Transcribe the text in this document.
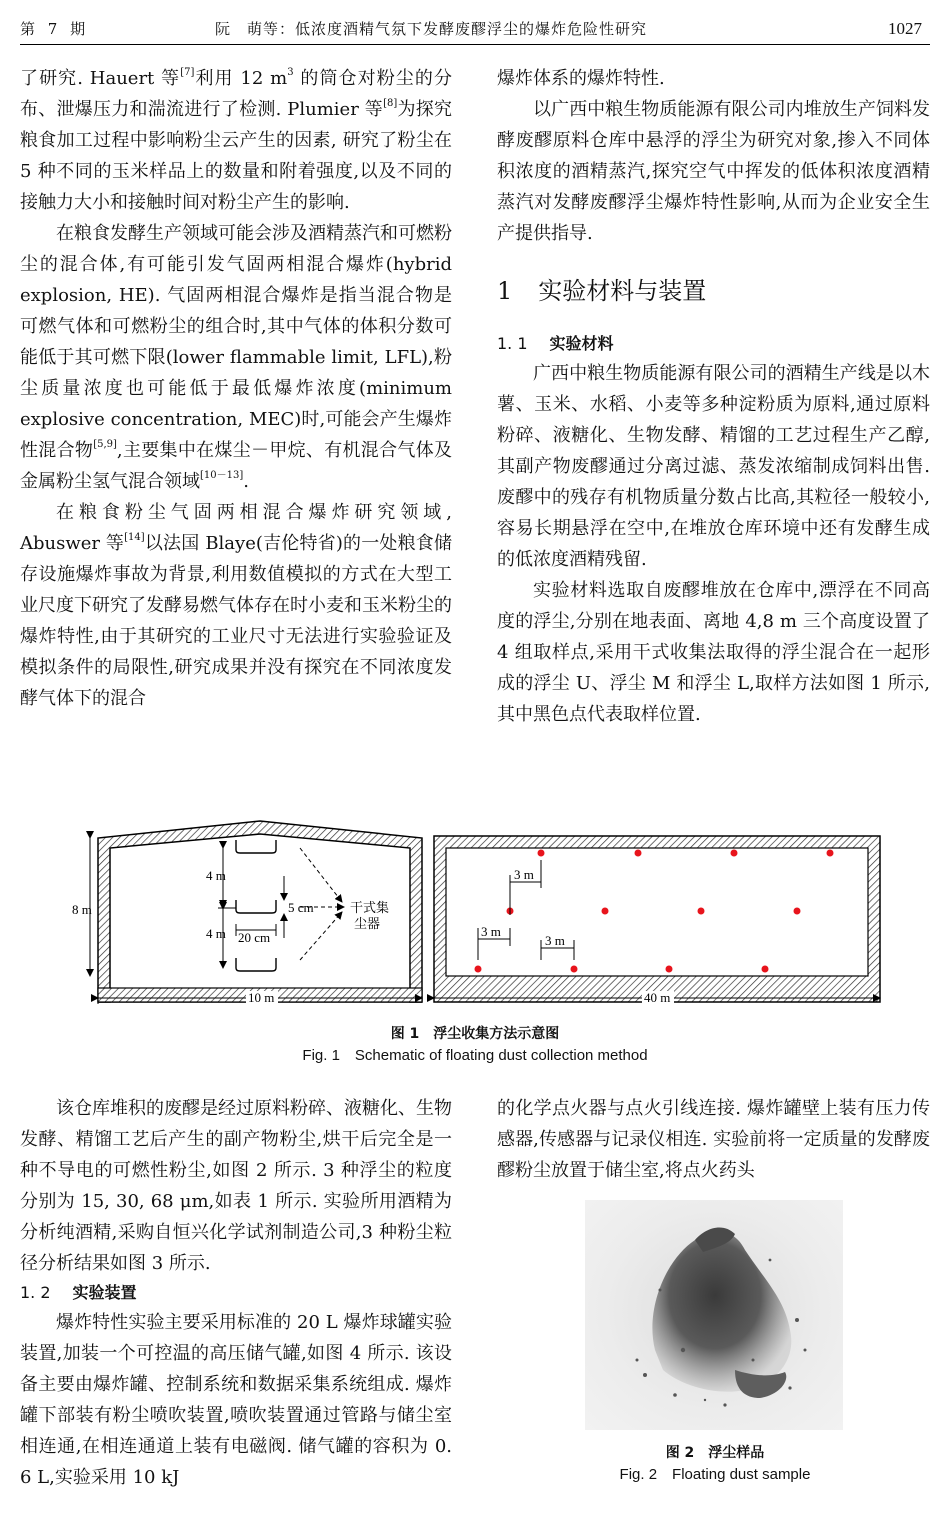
第 7 期	阮　萌等：低浓度酒精气氛下发酵废醪浮尘的爆炸危险性研究	1027

了研究. Hauert 等[7]利用 12 $m^3$ 的筒仓对粉尘的分布、泄爆压力和湍流进行了检测. Plumier 等[8]为探究粮食加工过程中影响粉尘云产生的因素, 研究了粉尘在 5 种不同的玉米样品上的数量和附着强度,以及不同的接触力大小和接触时间对粉尘产生的影响.

在粮食发酵生产领域可能会涉及酒精蒸汽和可燃粉尘的混合体,有可能引发气固两相混合爆炸(hybrid explosion, HE). 气固两相混合爆炸是指当混合物是可燃气体和可燃粉尘的组合时,其中气体的体积分数可能低于其可燃下限(lower flammable limit, LFL),粉尘质量浓度也可能低于最低爆炸浓度(minimum explosive concentration, MEC)时,可能会产生爆炸性混合物[5,9],主要集中在煤尘－甲烷、有机混合气体及金属粉尘氢气混合领域[10－13].

在粮食粉尘气固两相混合爆炸研究领域, Abuswer 等[14]以法国 Blaye(吉伦特省)的一处粮食储存设施爆炸事故为背景,利用数值模拟的方式在大型工业尺度下研究了发酵易燃气体存在时小麦和玉米粉尘的爆炸特性,由于其研究的工业尺寸无法进行实验验证及模拟条件的局限性,研究成果并没有探究在不同浓度发酵气体下的混合

爆炸体系的爆炸特性.

以广西中粮生物质能源有限公司内堆放生产饲料发酵废醪原料仓库中悬浮的浮尘为研究对象,掺入不同体积浓度的酒精蒸汽,探究空气中挥发的低体积浓度酒精蒸汽对发酵废醪浮尘爆炸特性影响,从而为企业安全生产提供指导.

1 实验材料与装置
1. 1 实验材料

广西中粮生物质能源有限公司的酒精生产线是以木薯、玉米、水稻、小麦等多种淀粉质为原料,通过原料粉碎、液糖化、生物发酵、精馏的工艺过程生产乙醇,其副产物废醪通过分离过滤、蒸发浓缩制成饲料出售. 废醪中的残存有机物质量分数占比高,其粒径一般较小,容易长期悬浮在空中,在堆放仓库环境中还有发酵生成的低浓度酒精残留.

实验材料选取自废醪堆放在仓库中,漂浮在不同高度的浮尘,分别在地表面、离地 4,8 m 三个高度设置了 4 组取样点,采用干式收集法取得的浮尘混合在一起形成的浮尘 U、浮尘 M 和浮尘 L,取样方法如图 1 所示,其中黑色点代表取样位置.

4 m
4 m
5 cm
20 cm
干式集
尘器
8 m
3 m
3 m
3 m
10 m	40 m
图 1　浮尘收集方法示意图
Fig. 1　Schematic of floating dust collection method

该仓库堆积的废醪是经过原料粉碎、液糖化、生物发酵、精馏工艺后产生的副产物粉尘,烘干后完全是一种不导电的可燃性粉尘,如图 2 所示. 3 种浮尘的粒度分别为 15, 30, 68 μm,如表 1 所示. 实验所用酒精为分析纯酒精,采购自恒兴化学试剂制造公司,3 种粉尘粒径分析结果如图 3 所示.

1. 2 实验装置

爆炸特性实验主要采用标准的 20 L 爆炸球罐实验装置,加装一个可控温的高压储气罐,如图 4 所示. 该设备主要由爆炸罐、控制系统和数据采集系统组成. 爆炸罐下部装有粉尘喷吹装置,喷吹装置通过管路与储尘室相连通,在相连通道上装有电磁阀. 储气罐的容积为 0. 6 L,实验采用 10 kJ

的化学点火器与点火引线连接. 爆炸罐壁上装有压力传感器,传感器与记录仪相连. 实验前将一定质量的发酵废醪粉尘放置于储尘室,将点火药头

图 2　浮尘样品
Fig. 2　Floating dust sample
